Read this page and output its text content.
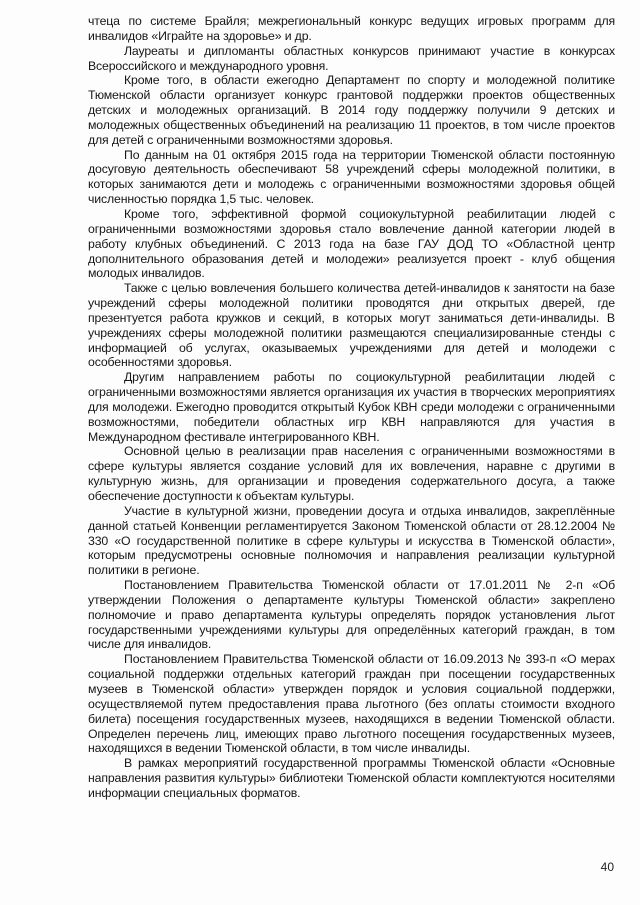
чтеца по системе Брайля; межрегиональный конкурс ведущих игровых программ для инвалидов «Играйте на здоровье» и др.

Лауреаты и дипломанты областных конкурсов принимают участие в конкурсах Всероссийского и международного уровня.

Кроме того, в области ежегодно Департамент по спорту и молодежной политике Тюменской области организует конкурс грантовой поддержки проектов общественных детских и молодежных организаций. В 2014 году поддержку получили 9 детских и молодежных общественных объединений на реализацию 11 проектов, в том числе проектов для детей с ограниченными возможностями здоровья.

По данным на 01 октября 2015 года на территории Тюменской области постоянную досуговую деятельность обеспечивают 58 учреждений сферы молодежной политики, в которых занимаются дети и молодежь с ограниченными возможностями здоровья общей численностью порядка 1,5 тыс. человек.

Кроме того, эффективной формой социокультурной реабилитации людей с ограниченными возможностями здоровья стало вовлечение данной категории людей в работу клубных объединений. С 2013 года на базе ГАУ ДОД ТО «Областной центр дополнительного образования детей и молодежи» реализуется проект - клуб общения молодых инвалидов.

Также с целью вовлечения большего количества детей-инвалидов к занятости на базе учреждений сферы молодежной политики проводятся дни открытых дверей, где презентуется работа кружков и секций, в которых могут заниматься дети-инвалиды. В учреждениях сферы молодежной политики размещаются специализированные стенды с информацией об услугах, оказываемых учреждениями для детей и молодежи с особенностями здоровья.

Другим направлением работы по социокультурной реабилитации людей с ограниченными возможностями является организация их участия в творческих мероприятиях для молодежи. Ежегодно проводится открытый Кубок КВН среди молодежи с ограниченными возможностями, победители областных игр КВН направляются для участия в Международном фестивале интегрированного КВН.

Основной целью в реализации прав населения с ограниченными возможностями в сфере культуры является создание условий для их вовлечения, наравне с другими в культурную жизнь, для организации и проведения содержательного досуга, а также обеспечение доступности к объектам культуры.

Участие в культурной жизни, проведении досуга и отдыха инвалидов, закреплённые данной статьей Конвенции регламентируется Законом Тюменской области от 28.12.2004 № 330 «О государственной политике в сфере культуры и искусства в Тюменской области», которым предусмотрены основные полномочия и направления реализации культурной политики в регионе.

Постановлением Правительства Тюменской области от 17.01.2011 № 2-п «Об утверждении Положения о департаменте культуры Тюменской области» закреплено полномочие и право департамента культуры определять порядок установления льгот государственными учреждениями культуры для определённых категорий граждан, в том числе для инвалидов.

Постановлением Правительства Тюменской области от 16.09.2013 № 393-п «О мерах социальной поддержки отдельных категорий граждан при посещении государственных музеев в Тюменской области» утвержден порядок и условия социальной поддержки, осуществляемой путем предоставления права льготного (без оплаты стоимости входного билета) посещения государственных музеев, находящихся в ведении Тюменской области. Определен перечень лиц, имеющих право льготного посещения государственных музеев, находящихся в ведении Тюменской области, в том числе инвалиды.

В рамках мероприятий государственной программы Тюменской области «Основные направления развития культуры» библиотеки Тюменской области комплектуются носителями информации специальных форматов.

40
